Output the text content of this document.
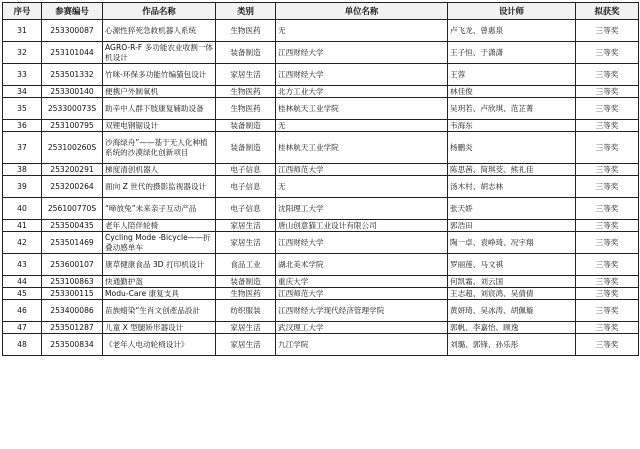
序号	参赛编号	作品名称	类别	单位名称	设计师	拟获奖
31	253300087	心源性猝死急救机器人系统	生物医药	无	卢飞龙、曾惠泉	三等奖
32	253101044	AGRO-R-F 多功能农业收割一体机设计	装备制造	江西财经大学	王子恒、于潇潇	三等奖
33	253501332	竹咪-环保多功能竹编猫包设计	家居生活	江西财经大学	王蓉	三等奖
34	253300140	便携户外制氧机	生物医药	北方工业大学	林佳俊	三等奖
35	253300073S	助辛中人群下肢康复辅助设备	生物医药	桂林航天工业学院	吴玥若、卢欣琪、范芷菁	三等奖
36	253100795	双锂电钢锯设计	装备制造	无	韦海东	三等奖
37	253100260S	沙海绿舟”——基于无人化种植系统的沙漠绿化创新项目	装备制造	桂林航天工业学院	杨鹏炎	三等奖
38	253200291	梯度清创机器人	电子信息	江西师范大学	陈思茜、简琪茭、熊礼佳	三等奖
39	253200264	面向 Z 世代的摄影监视器设计	电子信息	无	汤木村、胡志林	三等奖
40	256100770S	“啼放兔”未来亲子互动产品	电子信息	沈阳理工大学	张天娇	三等奖
41	253500435	老年人陪伴轮椅	家居生活	唐山创意猫工业设计有限公司	郭浩田	三等奖
42	253501469	Cycling Mode -Bicycle——折叠动感单车	家居生活	江西财经大学	陶一卓、袁峥琦、况宇翔	三等奖
43	253600107	康草健康食品 3D 打印机设计	食品工业	湖北美术学院	罗丽莲、马文祺	三等奖
44	253100863	快通勤护盔	装备制造	重庆大学	何凯霜、刘云国	三等奖
45	253300115	Modu-Care 康复支具	生物医药	江西师范大学	王志超、刘宸鸿、吴倩倩	三等奖
46	253400086	苗族蜡染“生肖文创產品設計	纺织服装	江西财经大学现代经济管理学院	黄妍琦、吴冰涛、胡佩璇	三等奖
47	253501287	儿童 X 型腿矫形器设计	家居生活	武汉理工大学	郭帆、李嘉怡、顾逸	三等奖
48	253500834	《老年人电动轮椅设计》	家居生活	九江学院	刘璐、郭锋、孙乐彤	三等奖
